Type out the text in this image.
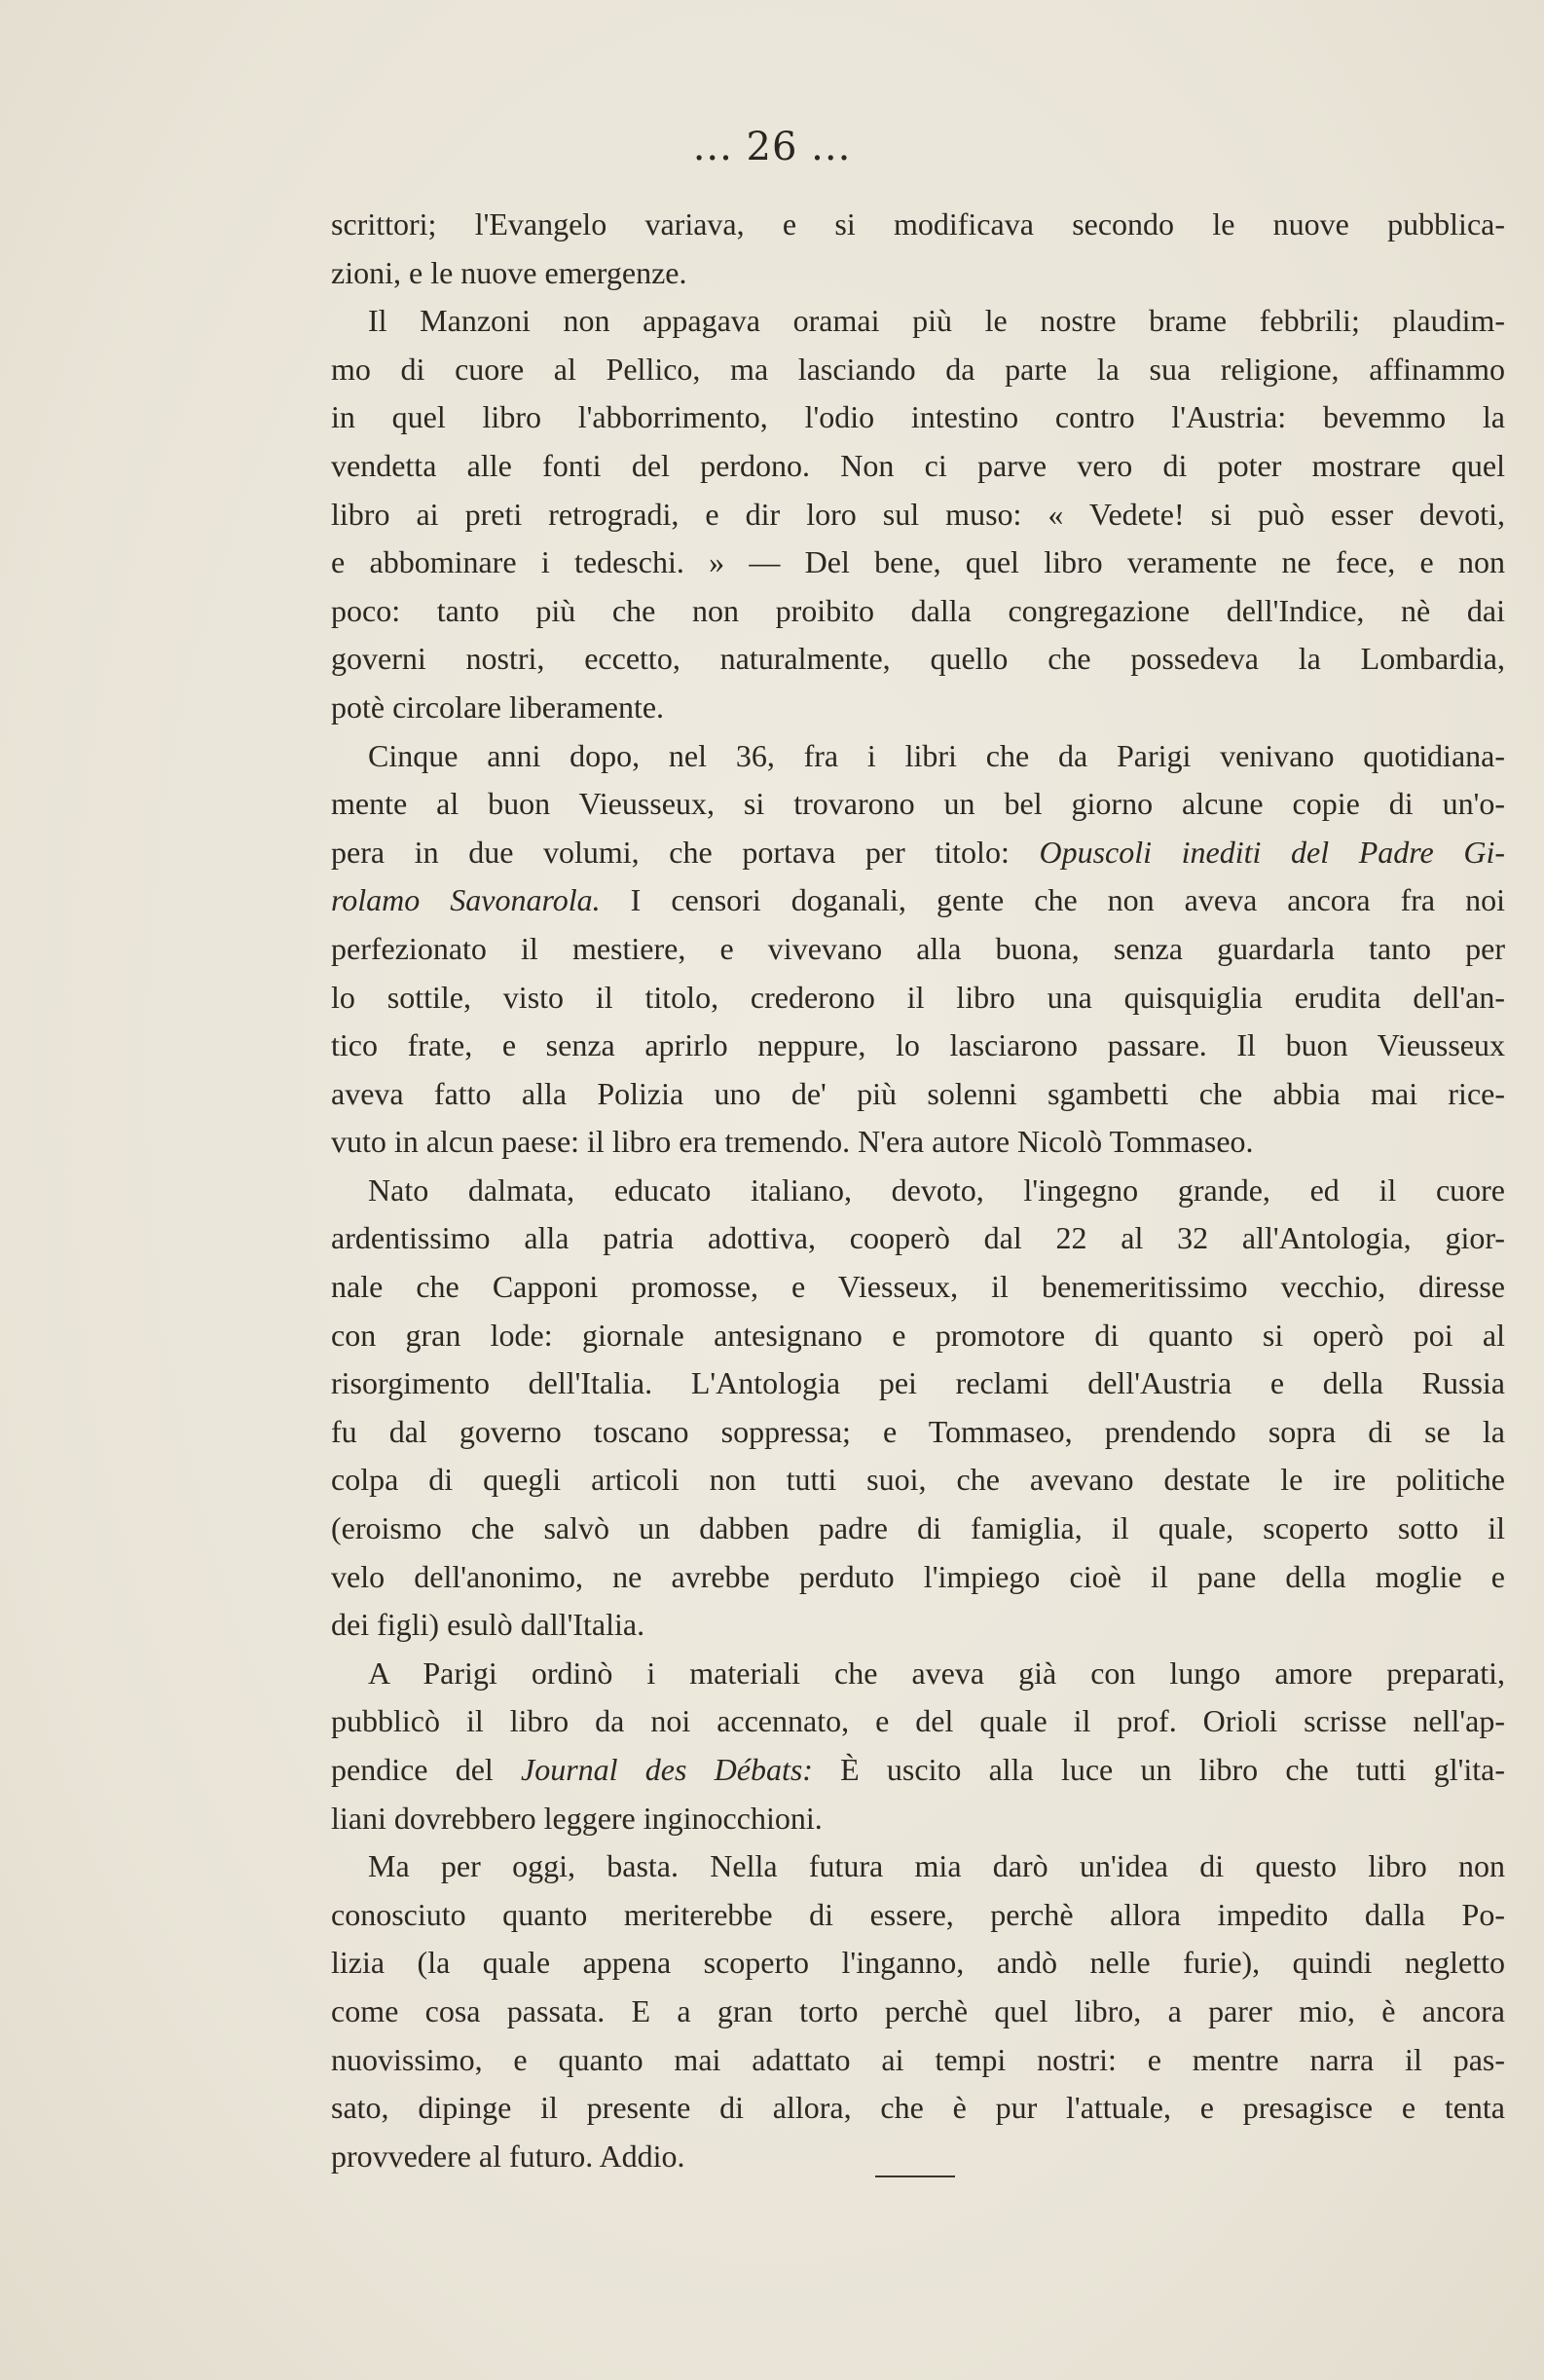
... 26 ...
scrittori; l'Evangelo variava, e si modificava secondo le nuove pubblica-
zioni, e le nuove emergenze.
Il Manzoni non appagava oramai più le nostre brame febbrili; plaudim-
mo di cuore al Pellico, ma lasciando da parte la sua religione, affinammo
in quel libro l'abborrimento, l'odio intestino contro l'Austria: bevemmo la
vendetta alle fonti del perdono. Non ci parve vero di poter mostrare quel
libro ai preti retrogradi, e dir loro sul muso: « Vedete! si può esser devoti,
e abbominare i tedeschi. » — Del bene, quel libro veramente ne fece, e non
poco: tanto più che non proibito dalla congregazione dell'Indice, nè dai
governi nostri, eccetto, naturalmente, quello che possedeva la Lombardia,
potè circolare liberamente.
Cinque anni dopo, nel 36, fra i libri che da Parigi venivano quotidiana-
mente al buon Vieusseux, si trovarono un bel giorno alcune copie di un'o-
pera in due volumi, che portava per titolo: Opuscoli inediti del Padre Gi-
rolamo Savonarola. I censori doganali, gente che non aveva ancora fra noi
perfezionato il mestiere, e vivevano alla buona, senza guardarla tanto per
lo sottile, visto il titolo, crederono il libro una quisquiglia erudita dell'an-
tico frate, e senza aprirlo neppure, lo lasciarono passare. Il buon Vieusseux
aveva fatto alla Polizia uno de' più solenni sgambetti che abbia mai rice-
vuto in alcun paese: il libro era tremendo. N'era autore Nicolò Tommaseo.
Nato dalmata, educato italiano, devoto, l'ingegno grande, ed il cuore
ardentissimo alla patria adottiva, cooperò dal 22 al 32 all'Antologia, gior-
nale che Capponi promosse, e Viesseux, il benemeritissimo vecchio, diresse
con gran lode: giornale antesignano e promotore di quanto si operò poi al
risorgimento dell'Italia. L'Antologia pei reclami dell'Austria e della Russia
fu dal governo toscano soppressa; e Tommaseo, prendendo sopra di se la
colpa di quegli articoli non tutti suoi, che avevano destate le ire politiche
(eroismo che salvò un dabben padre di famiglia, il quale, scoperto sotto il
velo dell'anonimo, ne avrebbe perduto l'impiego cioè il pane della moglie e
dei figli) esulò dall'Italia.
A Parigi ordinò i materiali che aveva già con lungo amore preparati,
pubblicò il libro da noi accennato, e del quale il prof. Orioli scrisse nell'ap-
pendice del Journal des Débats: È uscito alla luce un libro che tutti gl'ita-
liani dovrebbero leggere inginocchioni.
Ma per oggi, basta. Nella futura mia darò un'idea di questo libro non
conosciuto quanto meriterebbe di essere, perchè allora impedito dalla Po-
lizia (la quale appena scoperto l'inganno, andò nelle furie), quindi negletto
come cosa passata. E a gran torto perchè quel libro, a parer mio, è ancora
nuovissimo, e quanto mai adattato ai tempi nostri: e mentre narra il pas-
sato, dipinge il presente di allora, che è pur l'attuale, e presagisce e tenta
provvedere al futuro. Addio.
